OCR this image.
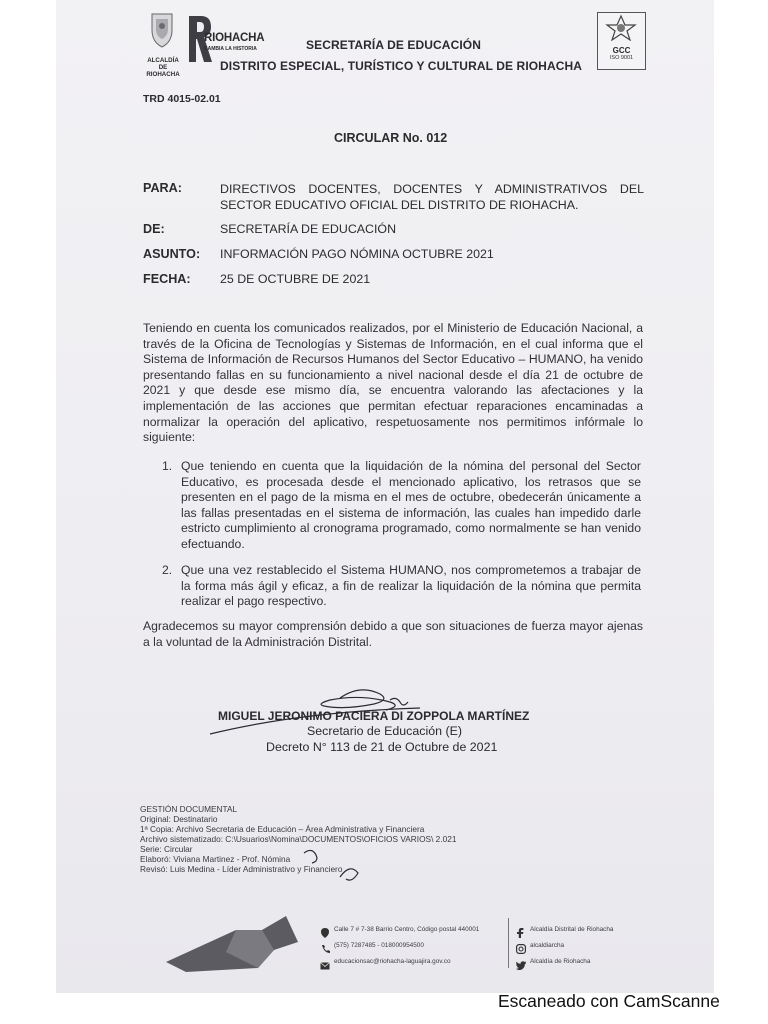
ALCALDÍA DE RIOHACHA
RIOHACHA
CAMBIA LA HISTORIA	SECRETARÍA DE EDUCACIÓN
DISTRITO ESPECIAL, TURÍSTICO Y CULTURAL DE RIOHACHA
GCC
ISO 9001
TRD 4015-02.01
CIRCULAR No. 012
PARA:	DIRECTIVOS DOCENTES, DOCENTES Y ADMINISTRATIVOS DEL SECTOR EDUCATIVO OFICIAL DEL DISTRITO DE RIOHACHA.
DE:	SECRETARÍA DE EDUCACIÓN
ASUNTO: INFORMACIÓN PAGO NÓMINA OCTUBRE 2021
FECHA: 25 DE OCTUBRE DE 2021
Teniendo en cuenta los comunicados realizados, por el Ministerio de Educación Nacional, a través de la Oficina de Tecnologías y Sistemas de Información, en el cual informa que el Sistema de Información de Recursos Humanos del Sector Educativo – HUMANO, ha venido presentando fallas en su funcionamiento a nivel nacional desde el día 21 de octubre de 2021 y que desde ese mismo día, se encuentra valorando las afectaciones y la implementación de las acciones que permitan efectuar reparaciones encaminadas a normalizar la operación del aplicativo, respetuosamente nos permitimos infórmale lo siguiente:
1. Que teniendo en cuenta que la liquidación de la nómina del personal del Sector Educativo, es procesada desde el mencionado aplicativo, los retrasos que se presenten en el pago de la misma en el mes de octubre, obedecerán únicamente a las fallas presentadas en el sistema de información, las cuales han impedido darle estricto cumplimiento al cronograma programado, como normalmente se han venido efectuando.
2. Que una vez restablecido el Sistema HUMANO, nos comprometemos a trabajar de la forma más ágil y eficaz, a fin de realizar la liquidación de la nómina que permita realizar el pago respectivo.
Agradecemos su mayor comprensión debido a que son situaciones de fuerza mayor ajenas a la voluntad de la Administración Distrital.
MIGUEL JERONIMO PACIERA DI ZOPPOLA MARTÍNEZ
Secretario de Educación (E)
Decreto N° 113 de 21 de Octubre de 2021
GESTIÓN DOCUMENTAL
Original: Destinatario
1ª Copia: Archivo Secretaria de Educación – Área Administrativa y Financiera
Archivo sistematizado: C:\Usuarios\Nomina\DOCUMENTOS\OFICIOS VARIOS\ 2.021
Serie: Circular
Elaboró: Viviana Martinez - Prof. Nómina
Revisó: Luis Medina - Líder Administrativo y Financiero
Calle 7 # 7-38 Barrio Centro, Código postal 440001
(575) 7287485 - 018000954500
educacionsac@riohacha-laguajira.gov.co
Alcaldía Distrital de Riohacha
alcaldiarcha
Alcaldía de Riohacha
Escaneado con CamScanne
